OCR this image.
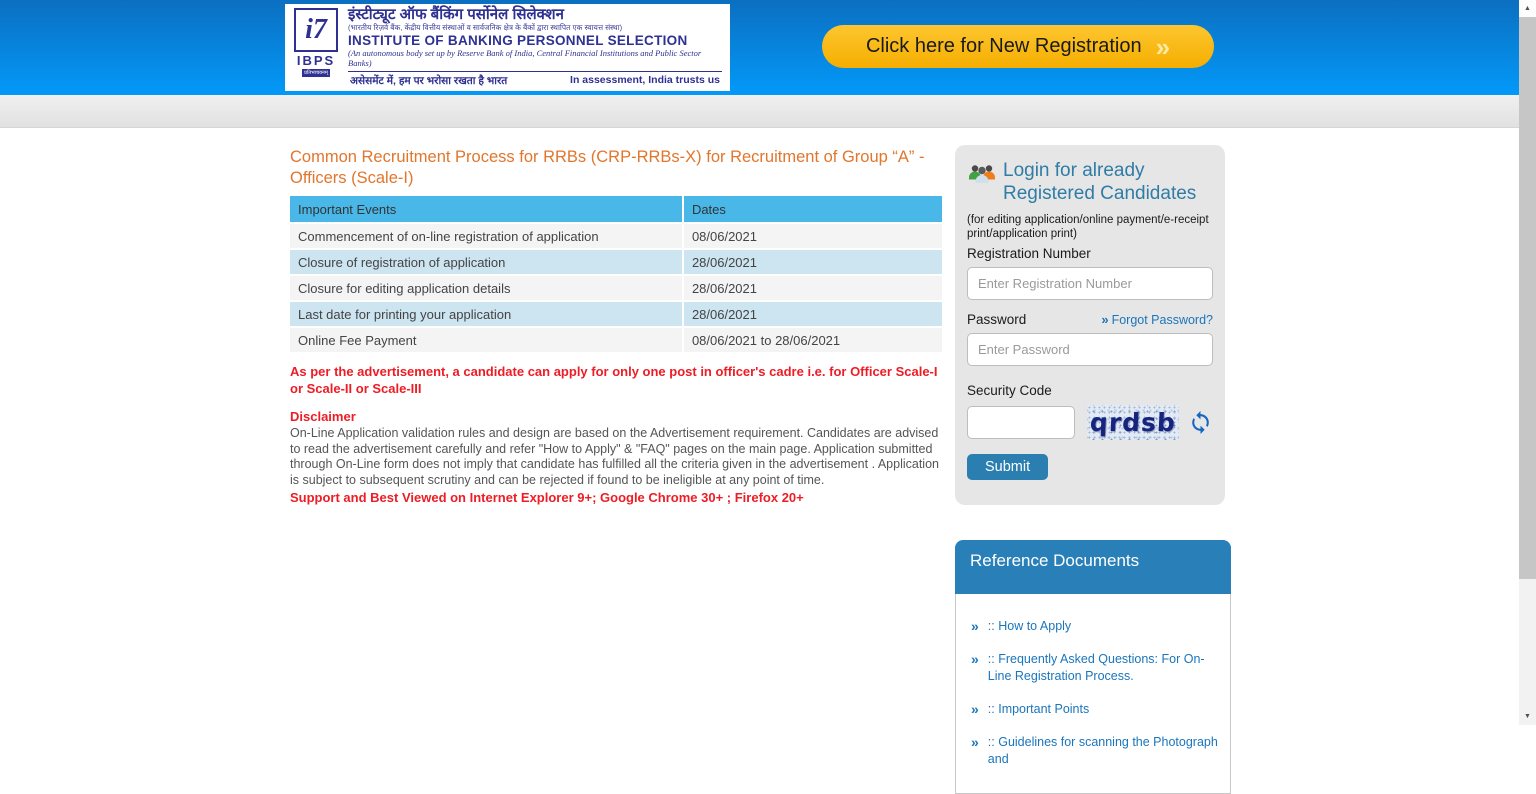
i7
IBPS
प्रतिभाचयनम्
इंस्टीट्यूट ऑफ बैंकिंग पर्सोनेल सिलेक्शन
(भारतीय रिज़र्व बैंक, केंद्रीय वित्तीय संस्थाओं व सार्वजनिक क्षेत्र के बैंकों द्वारा स्थापित एक स्वायत्त संस्था)
INSTITUTE OF BANKING PERSONNEL SELECTION
(An autonomous body set up by Reserve Bank of India, Central Financial Institutions and Public Sector Banks)
असेसमेंट में, हम पर भरोसा रखता है भारत	In assessment, India trusts us
Click here for New Registration »
Common Recruitment Process for RRBs (CRP-RRBs-X) for Recruitment of Group “A” - Officers (Scale-I)
Important Events	Dates
Commencement of on-line registration of application	08/06/2021
Closure of registration of application	28/06/2021
Closure for editing application details	28/06/2021
Last date for printing your application	28/06/2021
Online Fee Payment	08/06/2021 to 28/06/2021
As per the advertisement, a candidate can apply for only one post in officer's cadre i.e. for Officer Scale-I or Scale-II or Scale-III
Disclaimer
On-Line Application validation rules and design are based on the Advertisement requirement. Candidates are advised to read the advertisement carefully and refer "How to Apply" & "FAQ" pages on the main page. Application submitted through On-Line form does not imply that candidate has fulfilled all the criteria given in the advertisement . Application is subject to subsequent scrutiny and can be rejected if found to be ineligible at any point of time.
Support and Best Viewed on Internet Explorer 9+; Google Chrome 30+ ; Firefox 20+
Login for already Registered Candidates
(for editing application/online payment/e-receipt print/application print)
Registration Number
Enter Registration Number
Password	» Forgot Password?
Security Code
qrdsb
Submit
Reference Documents
» :: How to Apply
» :: Frequently Asked Questions: For On-Line Registration Process.
» :: Important Points
» :: Guidelines for scanning the Photograph and
▲
▼
